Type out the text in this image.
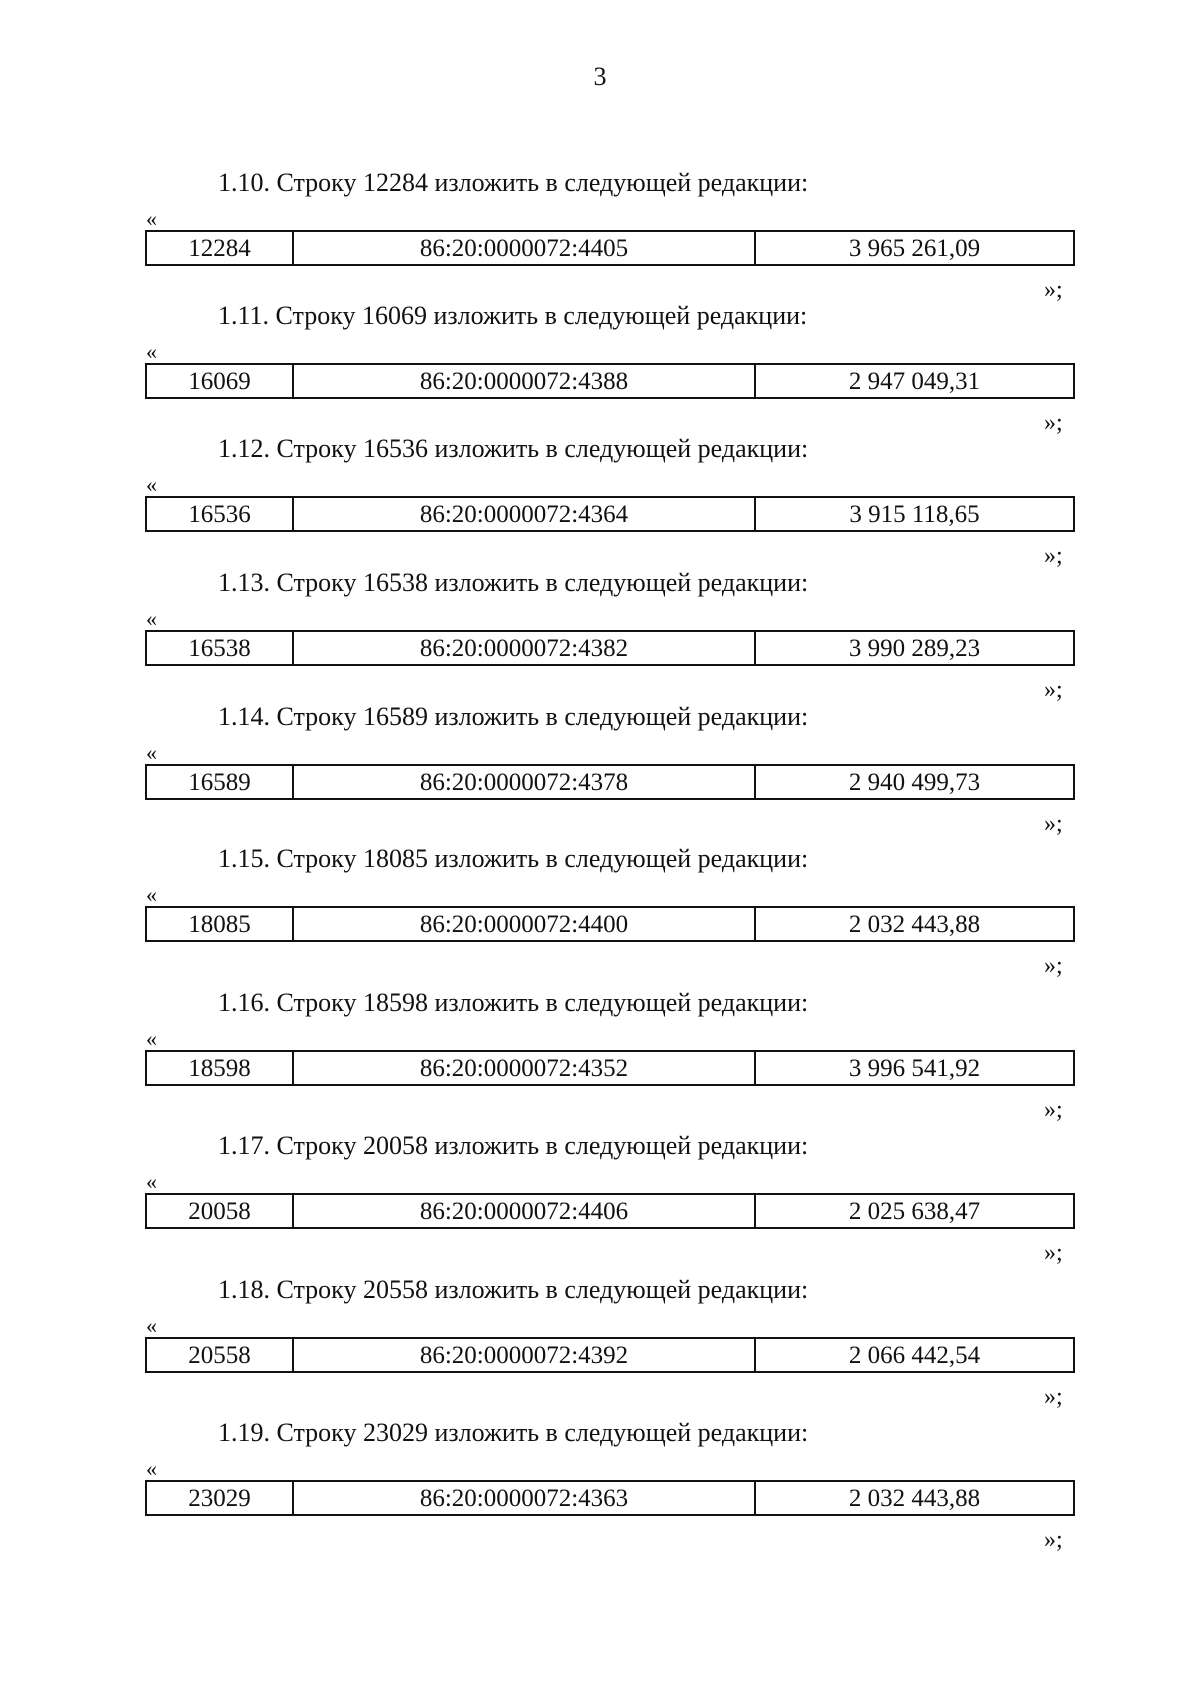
3
1.10. Строку 12284 изложить в следующей редакции:
«
12284	86:20:0000072:4405	3 965 261,09
»;
1.11. Строку 16069 изложить в следующей редакции:
«
16069	86:20:0000072:4388	2 947 049,31
»;
1.12. Строку 16536 изложить в следующей редакции:
«
16536	86:20:0000072:4364	3 915 118,65
»;
1.13. Строку 16538 изложить в следующей редакции:
«
16538	86:20:0000072:4382	3 990 289,23
»;
1.14. Строку 16589 изложить в следующей редакции:
«
16589	86:20:0000072:4378	2 940 499,73
»;
1.15. Строку 18085 изложить в следующей редакции:
«
18085	86:20:0000072:4400	2 032 443,88
»;
1.16. Строку 18598 изложить в следующей редакции:
«
18598	86:20:0000072:4352	3 996 541,92
»;
1.17. Строку 20058 изложить в следующей редакции:
«
20058	86:20:0000072:4406	2 025 638,47
»;
1.18. Строку 20558 изложить в следующей редакции:
«
20558	86:20:0000072:4392	2 066 442,54
»;
1.19. Строку 23029 изложить в следующей редакции:
«
23029	86:20:0000072:4363	2 032 443,88
»;
